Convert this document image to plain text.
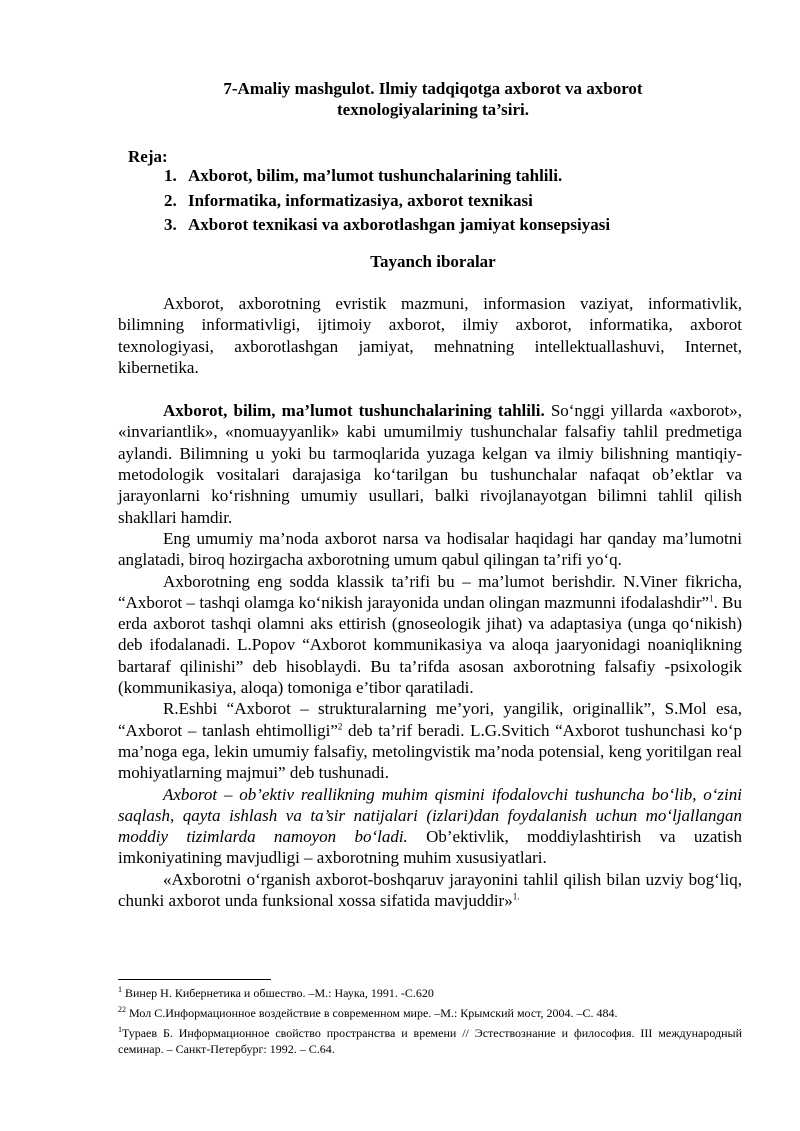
7-Amaliy mashgulot. Ilmiy tadqiqotga axborot va axborot
texnologiyalarining ta’siri.
Reja:
1. Axborot, bilim, ma’lumot tushunchalarining tahlili.
2. Informatika, informatizasiya, axborot texnikasi
3. Axborot texnikasi va axborotlashgan jamiyat konsepsiyasi
Tayanch iboralar

Axborot, axborotning evristik mazmuni, informasion vaziyat, informativlik, bilimning informativligi, ijtimoiy axborot, ilmiy axborot, informatika, axborot texnologiyasi, axborotlashgan jamiyat, mehnatning intellektuallashuvi, Internet, kibernetika.

Axborot, bilim, ma’lumot tushunchalarining tahlili. So‘nggi yillarda «axborot», «invariantlik», «nomuayyanlik» kabi umumilmiy tushunchalar falsafiy tahlil predmetiga aylandi. Bilimning u yoki bu tarmoqlarida yuzaga kelgan va ilmiy bilishning mantiqiy-metodologik vositalari darajasiga ko‘tarilgan bu tushunchalar nafaqat ob’ektlar va jarayonlarni ko‘rishning umumiy usullari, balki rivojlanayotgan bilimni tahlil qilish shakllari hamdir.

Eng umumiy ma’noda axborot narsa va hodisalar haqidagi har qanday ma’lumotni anglatadi, biroq hozirgacha axborotning umum qabul qilingan ta’rifi yo‘q.

Axborotning eng sodda klassik ta’rifi bu – ma’lumot berishdir. N.Viner fikricha, “Axborot – tashqi olamga ko‘nikish jarayonida undan olingan mazmunni ifodalashdir”$^1$. Bu erda axborot tashqi olamni aks ettirish (gnoseologik jihat) va adaptasiya (unga qo‘nikish) deb ifodalanadi. L.Popov “Axborot kommunikasiya va aloqa jaaryonidagi noaniqlikning bartaraf qilinishi” deb hisoblaydi. Bu ta’rifda asosan axborotning falsafiy -psixologik (kommunikasiya, aloqa) tomoniga e’tibor qaratiladi.

R.Eshbi “Axborot – strukturalarning me’yori, yangilik, originallik”, S.Mol esa, “Axborot – tanlash ehtimolligi”$^2$ deb ta’rif beradi. L.G.Svitich “Axborot tushunchasi ko‘p ma’noga ega, lekin umumiy falsafiy, metolingvistik ma’noda potensial, keng yoritilgan real mohiyatlarning majmui” deb tushunadi.

Axborot – ob’ektiv reallikning muhim qismini ifodalovchi tushuncha bo‘lib, o‘zini saqlash, qayta ishlash va ta’sir natijalari (izlari)dan foydalanish uchun mo‘ljallangan moddiy tizimlarda namoyon bo‘ladi. Ob’ektivlik, moddiylashtirish va uzatish imkoniyatining mavjudligi – axborotning muhim xususiyatlari.

«Axborotni o‘rganish axborot-boshqaruv jarayonini tahlil qilish bilan uzviy bog‘liq, chunki axborot unda funksional xossa sifatida mavjuddir»$^{1.}$

$^1$ Винер Н. Кибернетика и обшество. –М.: Наука, 1991. -С.620

$^{22}$ Мол С.Информационное воздействие в современном мире. –М.: Крымский мост, 2004. –С. 484.

$^1$Тураев Б. Информационное свойство пространства и времени // Эстествознание и философия. III международный семинар. – Санкт-Петербург: 1992. – С.64.
